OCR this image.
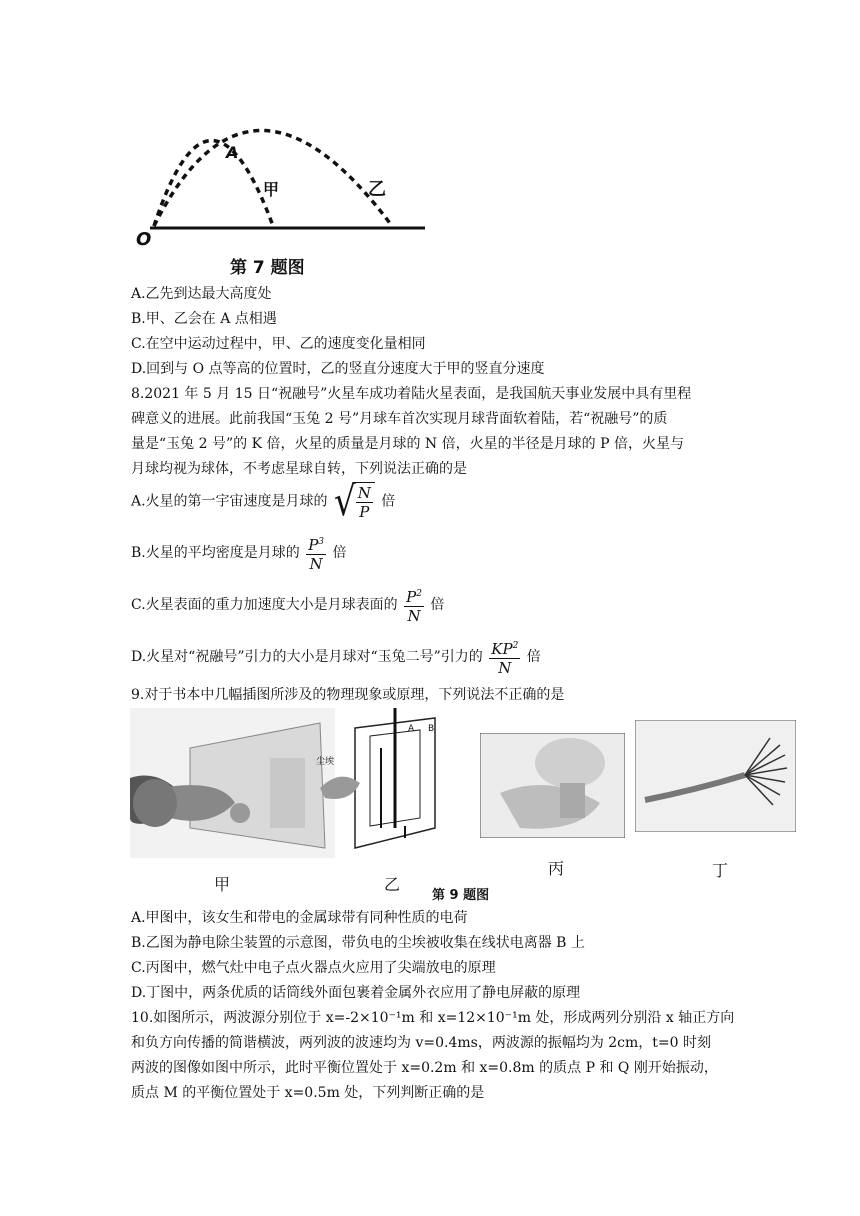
O
A
甲	乙
第 7 题图
A.乙先到达最大高度处
B.甲、乙会在 A 点相遇
C.在空中运动过程中，甲、乙的速度变化量相同
D.回到与 O 点等高的位置时，乙的竖直分速度大于甲的竖直分速度
8.2021 年 5 月 15 日“祝融号”火星车成功着陆火星表面，是我国航天事业发展中具有里程
碑意义的进展。此前我国“玉兔 2 号”月球车首次实现月球背面软着陆，若“祝融号”的质
量是“玉兔 2 号”的 K 倍，火星的质量是月球的 N 倍，火星的半径是月球的 P 倍，火星与
月球均视为球体，不考虑星球自转，下列说法正确的是
A.火星的第一宇宙速度是月球的 √ $\frac{N}{P}$ 倍
B.火星的平均密度是月球的 $\frac{P^3}{N}$ 倍
C.火星表面的重力加速度大小是月球表面的 $\frac{P^2}{N}$ 倍
D.火星对“祝融号”引力的大小是月球对“玉兔二号”引力的 $\frac{KP^2}{N}$ 倍
9.对于书本中几幅插图所涉及的物理现象或原理，下列说法不正确的是
甲
尘埃
A B
乙
丙	丁
第 9 题图
A.甲图中，该女生和带电的金属球带有同种性质的电荷
B.乙图为静电除尘装置的示意图，带负电的尘埃被收集在线状电离器 B 上
C.丙图中，燃气灶中电子点火器点火应用了尖端放电的原理
D.丁图中，两条优质的话筒线外面包裹着金属外衣应用了静电屏蔽的原理
10.如图所示，两波源分别位于 x=-2×10⁻¹m 和 x=12×10⁻¹m 处，形成两列分别沿 x 轴正方向
和负方向传播的简谐横波，两列波的波速均为 v=0.4ms，两波源的振幅均为 2cm，t=0 时刻
两波的图像如图中所示，此时平衡位置处于 x=0.2m 和 x=0.8m 的质点 P 和 Q 刚开始振动，
质点 M 的平衡位置处于 x=0.5m 处，下列判断正确的是
